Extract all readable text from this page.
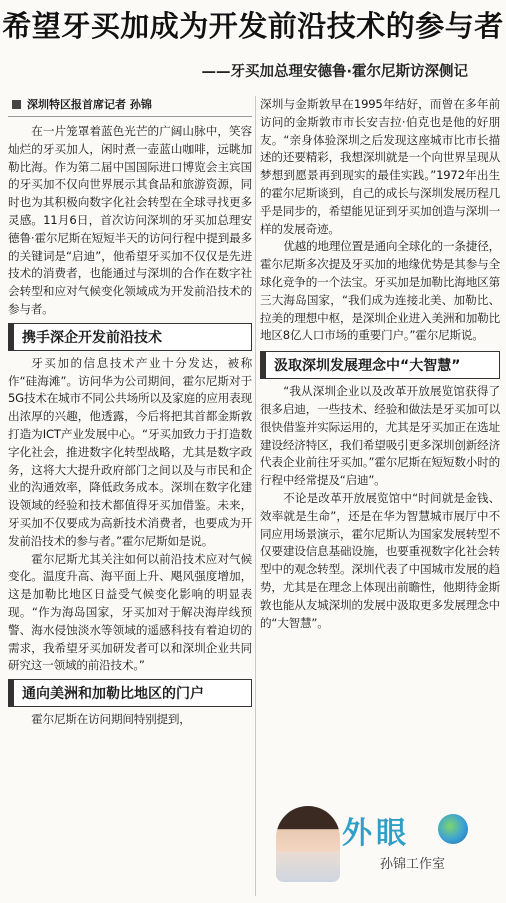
希望牙买加成为开发前沿技术的参与者
——牙买加总理安德鲁·霍尔尼斯访深侧记
深圳特区报首席记者 孙锦

在一片笼罩着蓝色光芒的广阔山脉中，笑容灿烂的牙买加人，闲时煮一壶蓝山咖啡，远眺加勒比海。作为第二届中国国际进口博览会主宾国的牙买加不仅向世界展示其食品和旅游资源，同时也为其积极向数字化社会转型在全球寻找更多灵感。11月6日，首次访问深圳的牙买加总理安德鲁·霍尔尼斯在短短半天的访问行程中提到最多的关键词是“启迪”，他希望牙买加不仅仅是先进技术的消费者，也能通过与深圳的合作在数字社会转型和应对气候变化领域成为开发前沿技术的参与者。

携手深企开发前沿技术

牙买加的信息技术产业十分发达，被称作“硅海滩”。访问华为公司期间，霍尔尼斯对于5G技术在城市不同公共场所以及家庭的应用表现出浓厚的兴趣，他透露，今后将把其首都金斯敦打造为ICT产业发展中心。“牙买加致力于打造数字化社会，推进数字化转型战略，尤其是数字政务，这将大大提升政府部门之间以及与市民和企业的沟通效率，降低政务成本。深圳在数字化建设领域的经验和技术都值得牙买加借鉴。未来，牙买加不仅要成为高新技术消费者，也要成为开发前沿技术的参与者。”霍尔尼斯如是说。

霍尔尼斯尤其关注如何以前沿技术应对气候变化。温度升高、海平面上升、飓风强度增加，这是加勒比地区日益受气候变化影响的明显表现。“作为海岛国家，牙买加对于解决海岸线预警、海水侵蚀淡水等领域的遥感科技有着迫切的需求，我希望牙买加研发者可以和深圳企业共同研究这一领域的前沿技术。”

通向美洲和加勒比地区的门户

霍尔尼斯在访问期间特别提到，

深圳与金斯敦早在1995年结好，而曾在多年前访问的金斯敦市市长安吉拉·伯克也是他的好朋友。“亲身体验深圳之后发现这座城市比市长描述的还要精彩，我想深圳就是一个向世界呈现从梦想到愿景再到现实的最佳实践。”1972年出生的霍尔尼斯谈到，自己的成长与深圳发展历程几乎是同步的，希望能见证到牙买加创造与深圳一样的发展奇迹。

优越的地理位置是通向全球化的一条捷径，霍尔尼斯多次提及牙买加的地缘优势是其参与全球化竞争的一个法宝。牙买加是加勒比海地区第三大海岛国家，“我们成为连接北美、加勒比、拉美的理想中枢，是深圳企业进入美洲和加勒比地区8亿人口市场的重要门户。”霍尔尼斯说。

汲取深圳发展理念中“大智慧”

“我从深圳企业以及改革开放展览馆获得了很多启迪，一些技术、经验和做法是牙买加可以很快借鉴并实际运用的，尤其是牙买加正在选址建设经济特区，我们希望吸引更多深圳创新经济代表企业前往牙买加。”霍尔尼斯在短短数小时的行程中经常提及“启迪”。

不论是改革开放展览馆中“时间就是金钱、效率就是生命”，还是在华为智慧城市展厅中不同应用场景演示，霍尔尼斯认为国家发展转型不仅要建设信息基础设施，也要重视数字化社会转型中的观念转型。深圳代表了中国城市发展的趋势，尤其是在理念上体现出前瞻性，他期待金斯敦也能从友城深圳的发展中汲取更多发展理念中的“大智慧”。

外眼
孙锦工作室
